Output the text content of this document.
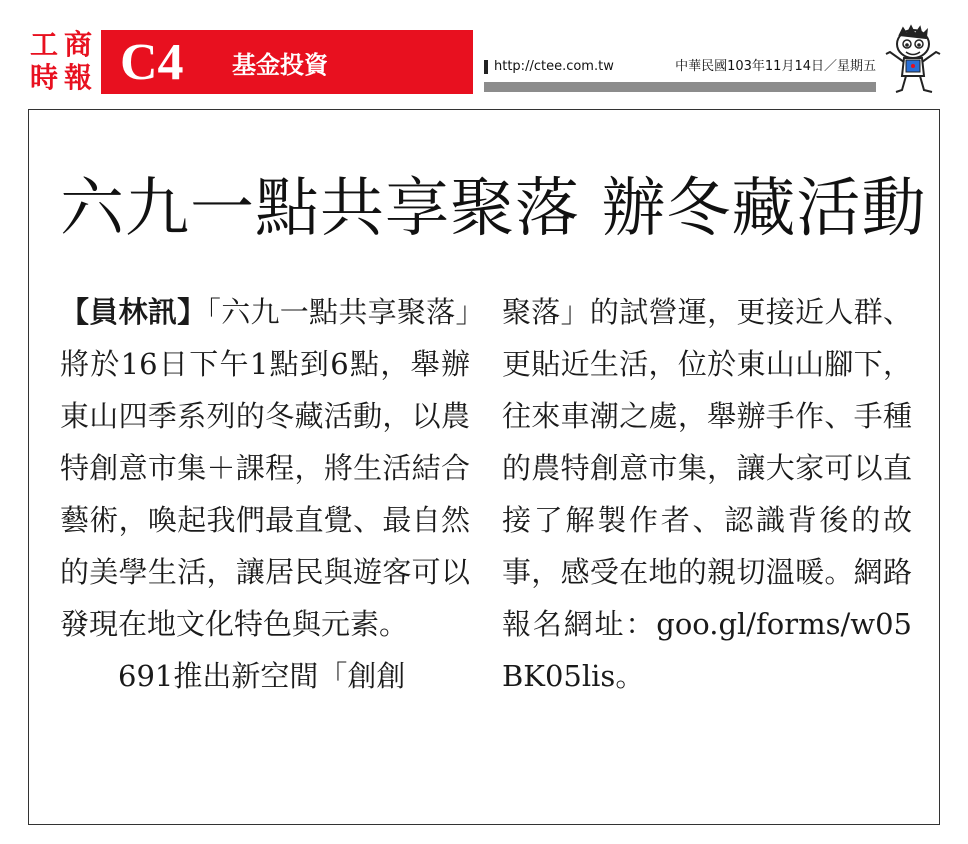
工 商
時 報 C4 基金投資	http://ctee.com.tw	中華民國103年11月14日／星期五
六九一點共享聚落 辦冬藏活動
【員林訊】「六九一點共享聚落」將於16日下午1點到6點，舉辦東山四季系列的冬藏活動，以農特創意市集＋課程，將生活結合藝術，喚起我們最直覺、最自然的美學生活，讓居民與遊客可以發現在地文化特色與元素。
　　691推出新空間「創創
聚落」的試營運，更接近人群、更貼近生活，位於東山山腳下，往來車潮之處，舉辦手作、手種的農特創意市集，讓大家可以直接了解製作者、認識背後的故事，感受在地的親切溫暖。網路報名網址：goo.gl/forms/w05BK05lis。
